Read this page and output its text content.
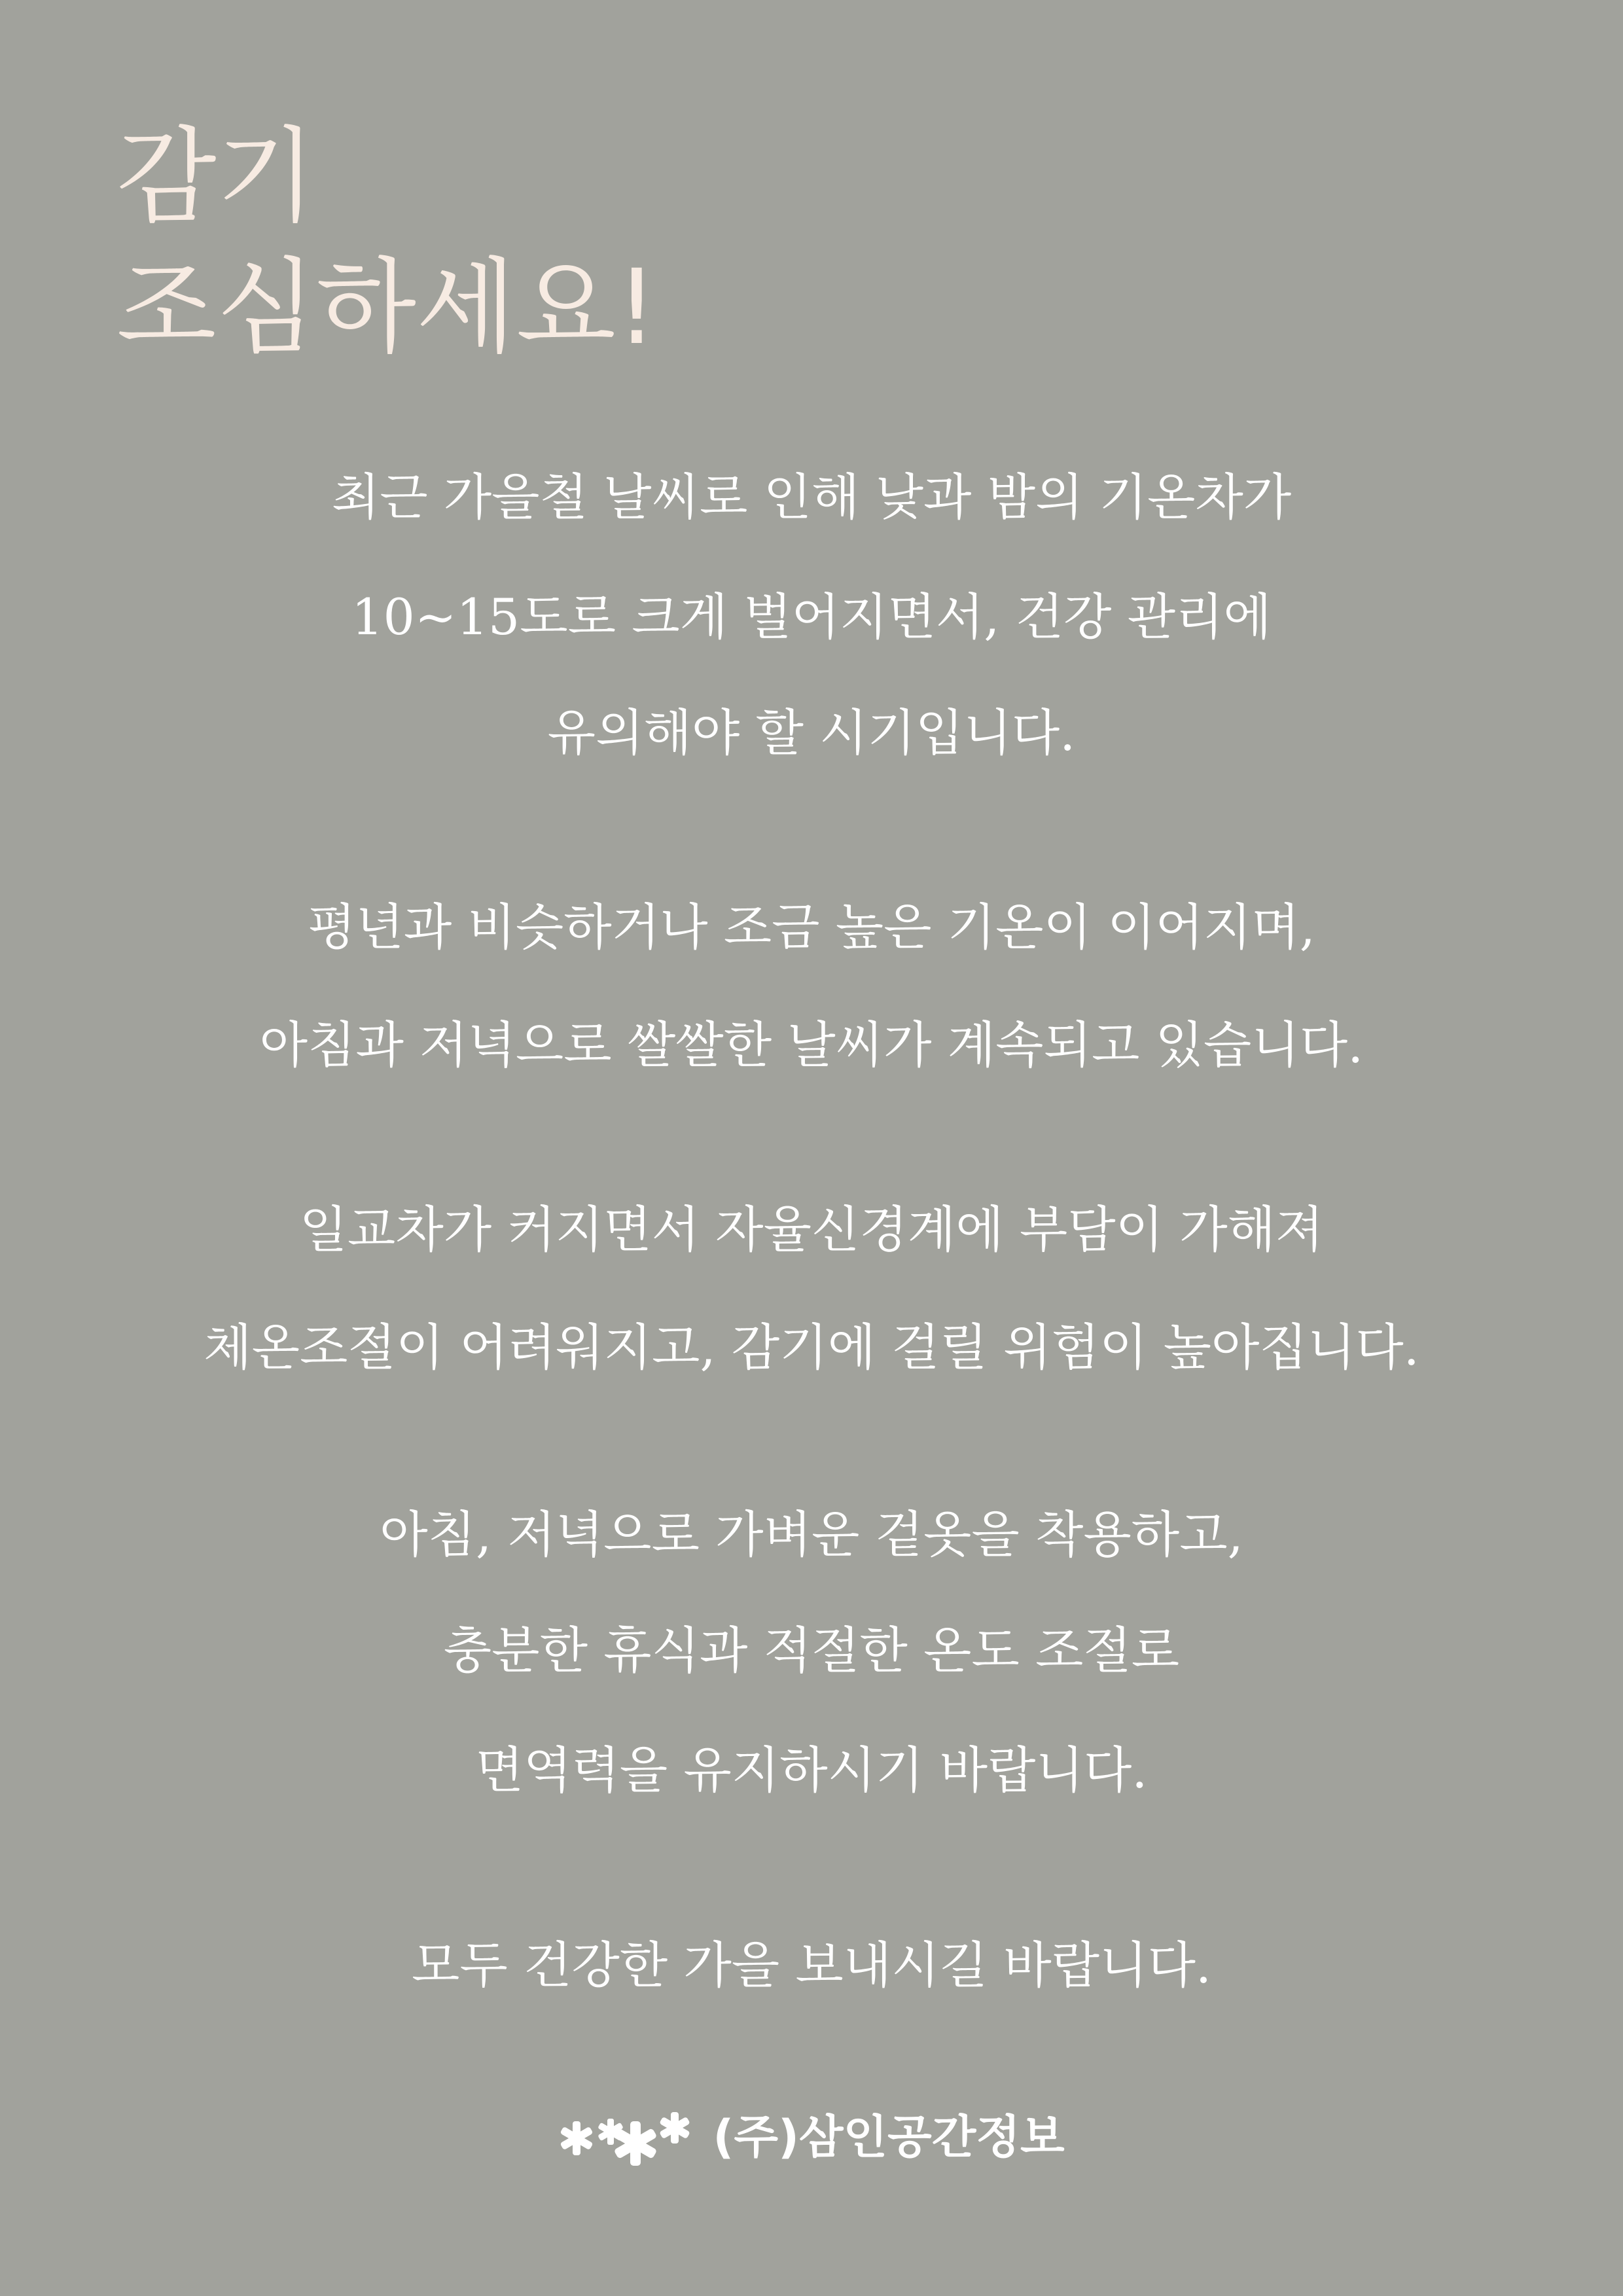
감기
조심하세요!
최근 가을철 날씨로 인해 낮과 밤의 기온차가
10~15도로 크게 벌어지면서, 건강 관리에
유의해야 할 시기입니다.
평년과 비슷하거나 조금 높은 기온이 이어지며,
아침과 저녁으로 쌀쌀한 날씨가 계속되고 있습니다.
일교차가 커지면서 자율신경계에 부담이 가해져
체온조절이 어려워지고, 감기에 걸릴 위험이 높아집니다.
아침, 저녁으로 가벼운 겉옷을 착용하고,
충분한 휴식과 적절한 온도 조절로
면역력을 유지하시기 바랍니다.
모두 건강한 가을 보내시길 바랍니다.
(주)삼인공간정보
